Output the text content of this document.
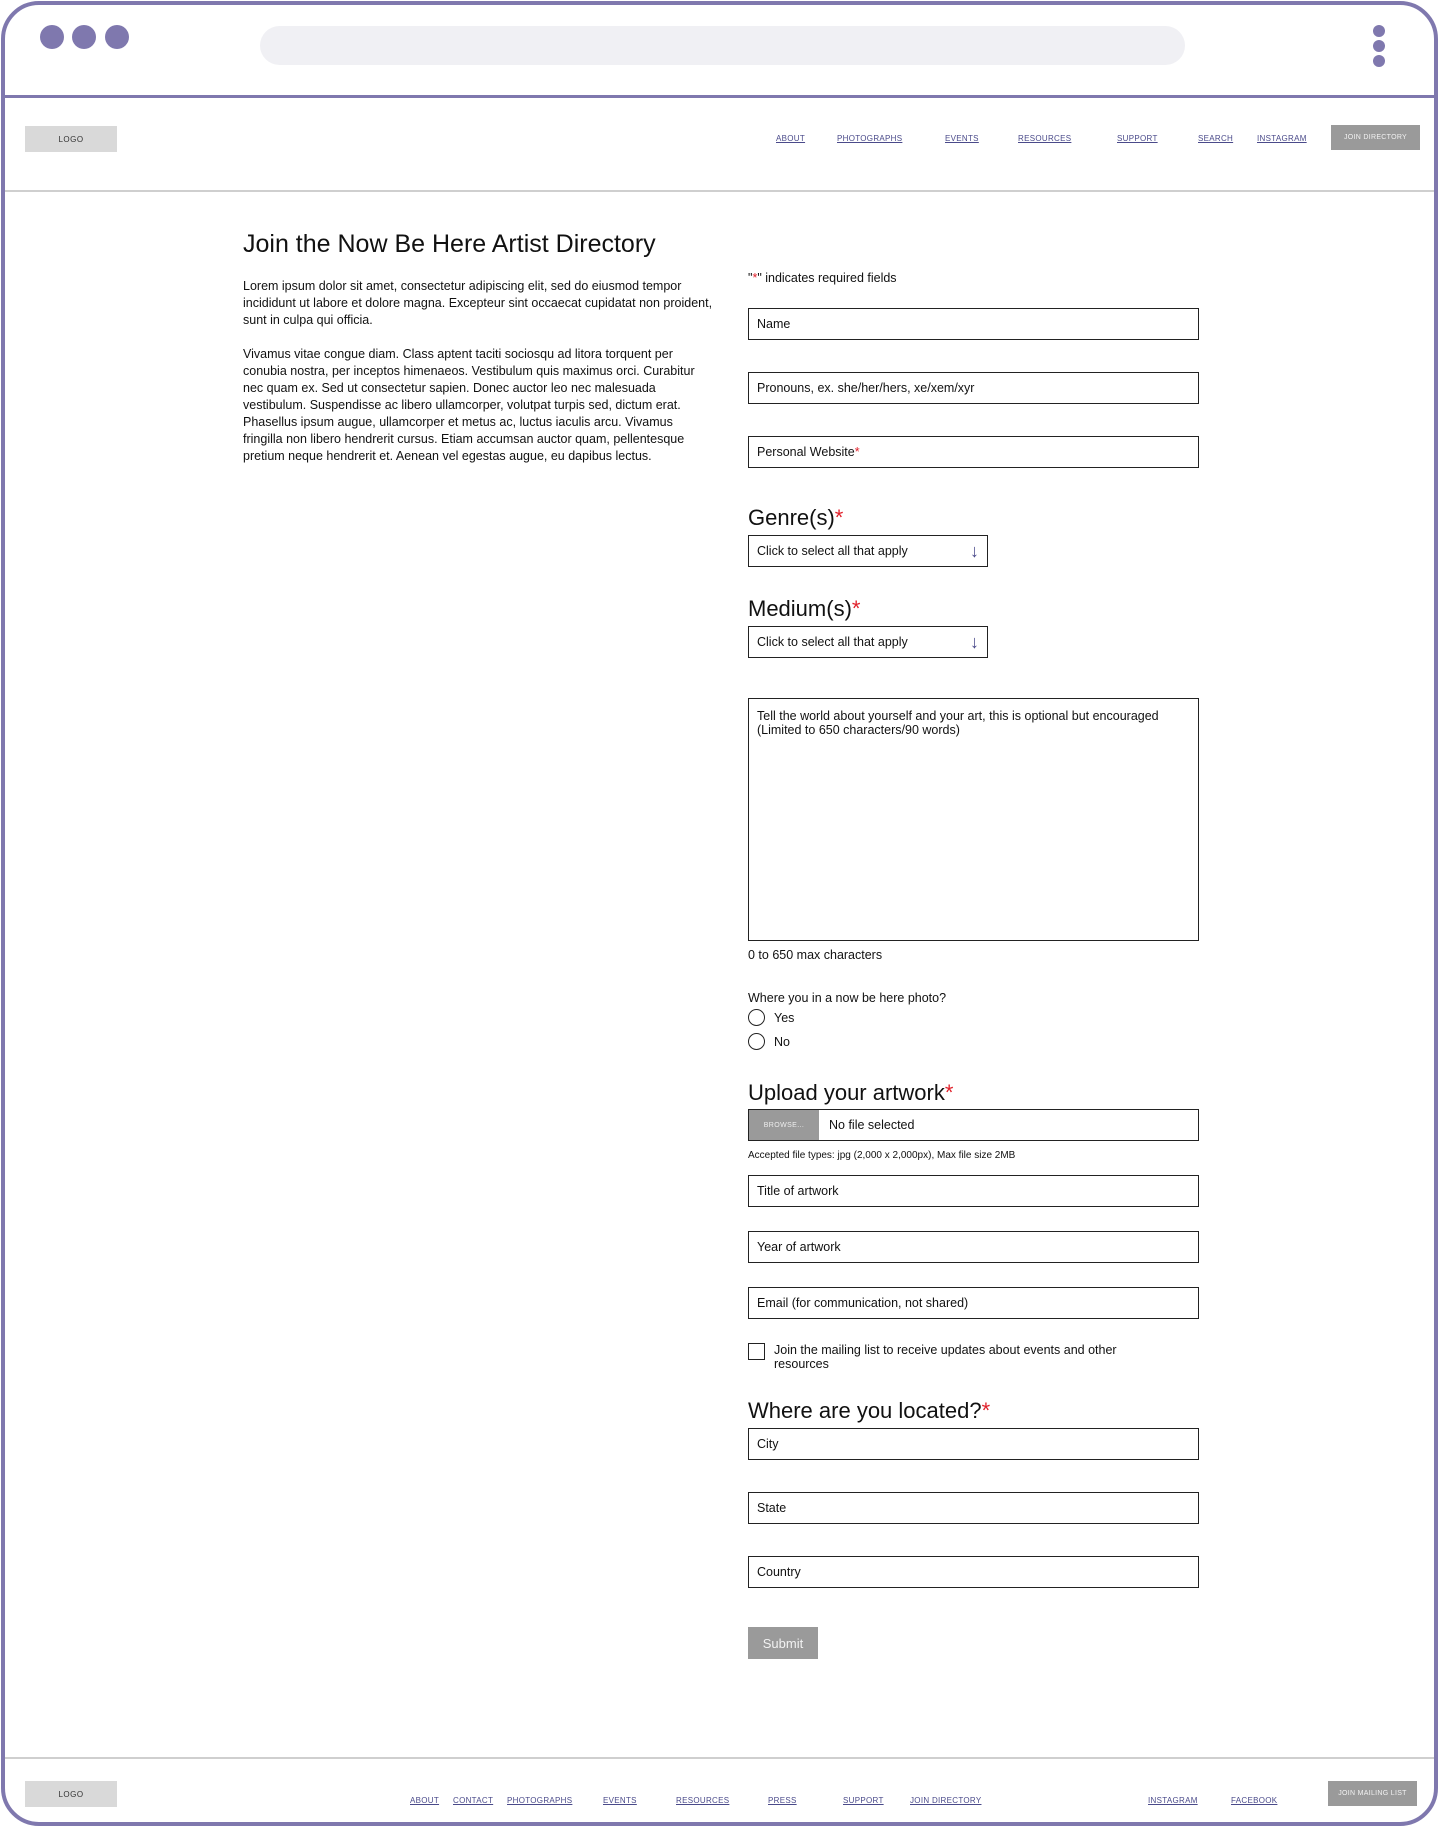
LOGO	ABOUT	PHOTOGRAPHS	EVENTS	RESOURCES	SUPPORT	SEARCH	INSTAGRAM	JOIN DIRECTORY
Join the Now Be Here Artist Directory

Lorem ipsum dolor sit amet, consectetur adipiscing elit, sed do eiusmod tempor incididunt ut labore et dolore magna. Excepteur sint occaecat cupidatat non proident, sunt in culpa qui officia.

Vivamus vitae congue diam. Class aptent taciti sociosqu ad litora torquent per conubia nostra, per inceptos himenaeos. Vestibulum quis maximus orci. Curabitur nec quam ex. Sed ut consectetur sapien. Donec auctor leo nec malesuada vestibulum. Suspendisse ac libero ullamcorper, volutpat turpis sed, dictum erat. Phasellus ipsum augue, ullamcorper et metus ac, luctus iaculis arcu. Vivamus fringilla non libero hendrerit cursus. Etiam accumsan auctor quam, pellentesque pretium neque hendrerit et. Aenean vel egestas augue, eu dapibus lectus.

"*" indicates required fields
Name
Pronouns, ex. she/her/hers, xe/xem/xyr
Personal Website *
Genre(s)*
Click to select all that apply	↓
Medium(s)*
Click to select all that apply	↓
Tell the world about yourself and your art, this is optional but encouraged (Limited to 650 characters/90 words)
0 to 650 max characters
Where you in a now be here photo?
Yes
No
Upload your artwork*
BROWSE...	No file selected
Accepted file types: jpg (2,000 x 2,000px), Max file size 2MB
Title of artwork
Year of artwork
Email (for communication, not shared)
Join the mailing list to receive updates about events and other resources
Where are you located?*
City
State
Country
Submit
LOGO
ABOUT CONTACT PHOTOGRAPHS	EVENTS	RESOURCES	PRESS	SUPPORT	JOIN DIRECTORY	INSTAGRAM	FACEBOOK
JOIN MAILING LIST
